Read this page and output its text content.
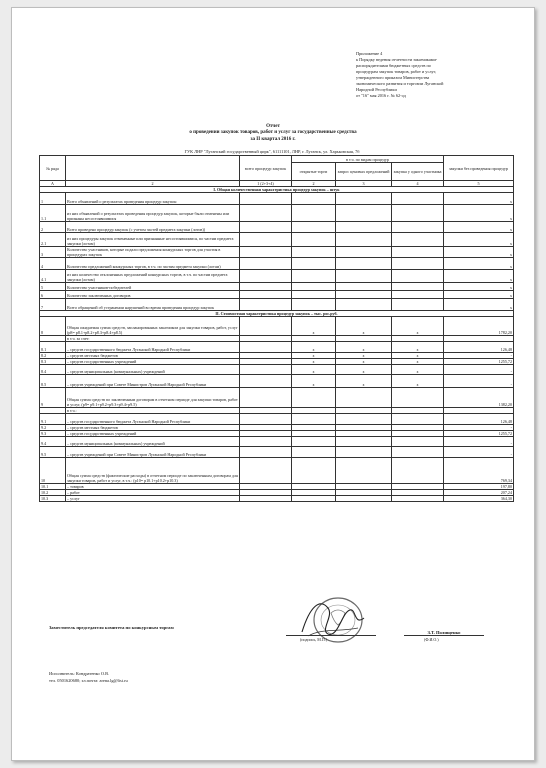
Приложение 4
к Порядку ведения отчетности заказчиками-
распорядителями бюджетных средств по
процедурам закупок товаров, работ и услуг,
утвержденного приказом Министерства
экономического развития и торговли Луганской
Народной Республики
от "16" мая 2016 г. № 62-од
Отчет
о проведении закупок товаров, работ и услуг за государственные средства
за II квартал 2016 г.
ГУК ЛНР "Луганский государственный цирк", 61111101, ЛНР, г. Луганск, ул. Харьковская, 7б
№ ряда		всего процедур закупок	в т.ч. по видам процедур			закупки без проведения процедур
			открытые торги	запрос ценовых предложений	закупка у одного участника	
А	2	1 (2+3+4)	2	3	4	5
I. Общая количественная характеристика процедур закупок – штук						
1	Всего объявлений о результатах проведения процедур закупок:					x
1.1	из них объявлений о результатах проведения процедур закупок, которые были отменены или признаны несостоявшимися					x
2	Всего проведено процедур закупок (с учетом частей предмета закупки (лотов))					x
2.1	из них процедуры закупок отмененные или признанные несостоявшимися, по частям предмета закупки (лотам)					x
3	Количество участников, которые подали предложения конкурсных торгов для участия в процедурах закупок					x
4	Количество предложений конкурсных торгов, в т.ч. по частям предмета закупки (лотам)					x
4.1	из них количество отклоненных предложений конкурсных торгов, в т.ч. по частям предмета закупки (лотам)					x
5	Количество участников-победителей					x
6	Количество заключенных договоров					x
7	Всего обращений об устранении нарушений во время проведения процедур закупок					x
II. Стоимостная характеристика процедур закупок – тыс. рос.руб.						
8	Общая ожидаемая сумма средств, запланированных заказчиком для закупки товаров, работ, услуг (р8= р8.1+р8.2+р8.3+р8.4+р8.5)		x	x	x	1782,20
	в т.ч. за счет:					
8.1	– средств государственного бюджета Луганской Народной Республики		x	x	x	126,48
8.2	– средств местных бюджетов		x	x	x	-
8.3	– средств государственных учреждений		x	x	x	1255,72
8.4	– средств муниципальных (коммунальных) учреждений		x	x	x	-
8.5	– средств учреждений при Совете Министров Луганской Народной Республики		x	x	x	-
9	Общая сумма средств по заключенным договорам в отчетном периоде для закупки товаров, работ и услуг, (р9= р9.1+р9.2+р9.3+р9.4+р9.5)					1382,20
	в т.ч.:					
9.1	– средств государственного бюджета Луганской Народной Республики					126,48
9.2	– средств местных бюджетов					-
9.3	– средств государственных учреждений					1255,72
9.4	– средств муниципальных (коммунальных) учреждений					-
9.5	– средств учреждений при Совете Министров Луганской Народной Республики					-
10	Общая сумма средств (фактические расходы) в отчетном периоде по заключенным договорам для закупки товаров, работ и услуг, в т.ч.: (р10= р10.1+р10.2+р10.3)					769,34
10.1	– товаров					197,80
10.2	– работ					207,24
10.3	– услуг					364,30
Заместитель председателя комитета по конкурсным торгам
З.Т. Полищенко
(подпись, М.П.)	(Ф.И.О.)
Исполнитель: Кондратенко О.В.
тел. 0501620680; эл.почта: arena.lg@list.ru
